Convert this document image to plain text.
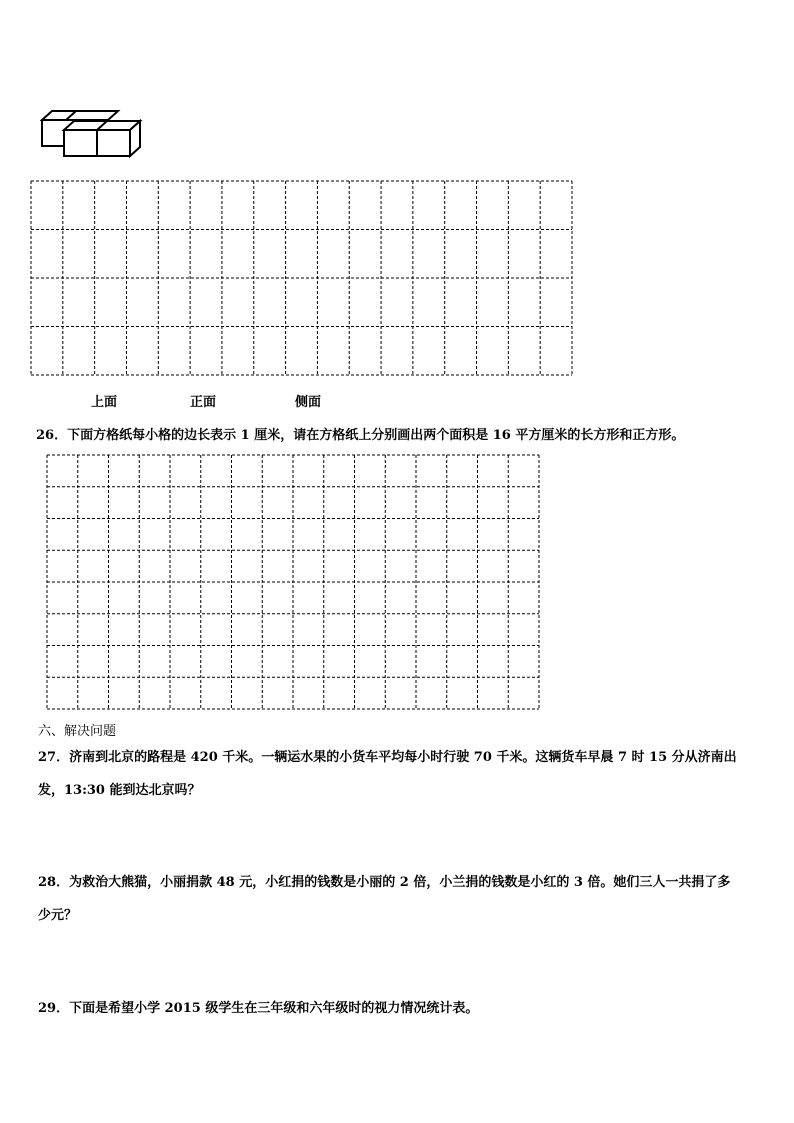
上面	正面	侧面
26．下面方格纸每小格的边长表示 1 厘米，请在方格纸上分别画出两个面积是 16 平方厘米的长方形和正方形。
六、解决问题
27．济南到北京的路程是 420 千米。一辆运水果的小货车平均每小时行驶 70 千米。这辆货车早晨 7 时 15 分从济南出
发，13:30 能到达北京吗？
28．为救治大熊猫，小丽捐款 48 元，小红捐的钱数是小丽的 2 倍，小兰捐的钱数是小红的 3 倍。她们三人一共捐了多
少元？
29．下面是希望小学 2015 级学生在三年级和六年级时的视力情况统计表。
